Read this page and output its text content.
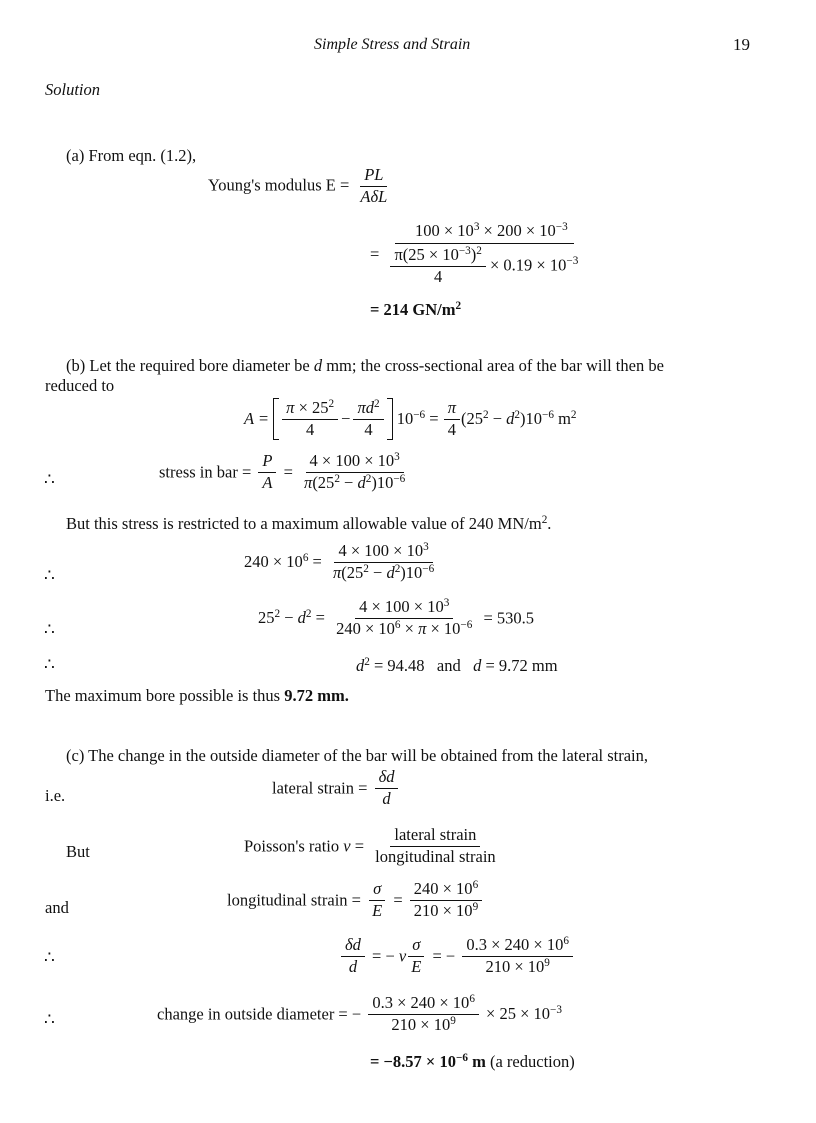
Simple Stress and Strain	19
Solution
(a) From eqn. (1.2),
Young's modulus $E = \frac{PL}{\text{AδL}}$
= $\frac{100 \times 10^3 \times 200 \times 10^{-3}}{\frac{\pi(25 \times 10^{-3})^2}{4} \times 0.19 \times 10^{-3}}$
= 214 $GN/m^2$
(b) Let the required bore diameter be d mm; the cross-sectional area of the bar will then be
reduced to
$A = \frac{\pi \times 25^2}{4} - \frac{\pi d^2}{4} 10^{-6} = \frac{\pi}{4} (25^2 - d^2)10^{-6}$ $m^2$
∴	stress in bar = $\frac{P}{A} = \frac{4 \times 100 \times 10^3}{\pi(25^2 - d^2)10^{-6}}$
But this stress is restricted to a maximum allowable value of 240 $MN/m^2$.
∴
$240 \times 10^6 = \frac{4 \times 100 \times 10^3}{\pi(25^2 - d^2)10^{-6}}$
∴
$25^2 - d^2 = \frac{4 \times 100 \times 10^3}{240 \times 10^6 \times \pi \times 10^{-6}} = 530.5$
∴	$d^2 = 94.48$   and   d = 9.72 mm
The maximum bore possible is thus 9.72 mm.
(c) The change in the outside diameter of the bar will be obtained from the lateral strain,
i.e.	lateral strain = $\frac{\delta d}{d}$
But	Poisson's ratio $v = \frac{\text{lateral strain}}{\text{longitudinal strain}}$
and	longitudinal strain = $\frac{\sigma}{E} = \frac{240 \times 10^6}{210 \times 10^9}$
∴	$\frac{\delta d}{d}$ = − v $\frac{\sigma}{E}$ = − $\frac{0.3 \times 240 \times 10^6}{210 \times 10^9}$
∴	change in outside diameter = − $\frac{0.3 \times 240 \times 10^6}{210 \times 10^9} \times 25 \times 10^{-3}$
= $-8.57 \times 10^{-6}$ m (a reduction)
